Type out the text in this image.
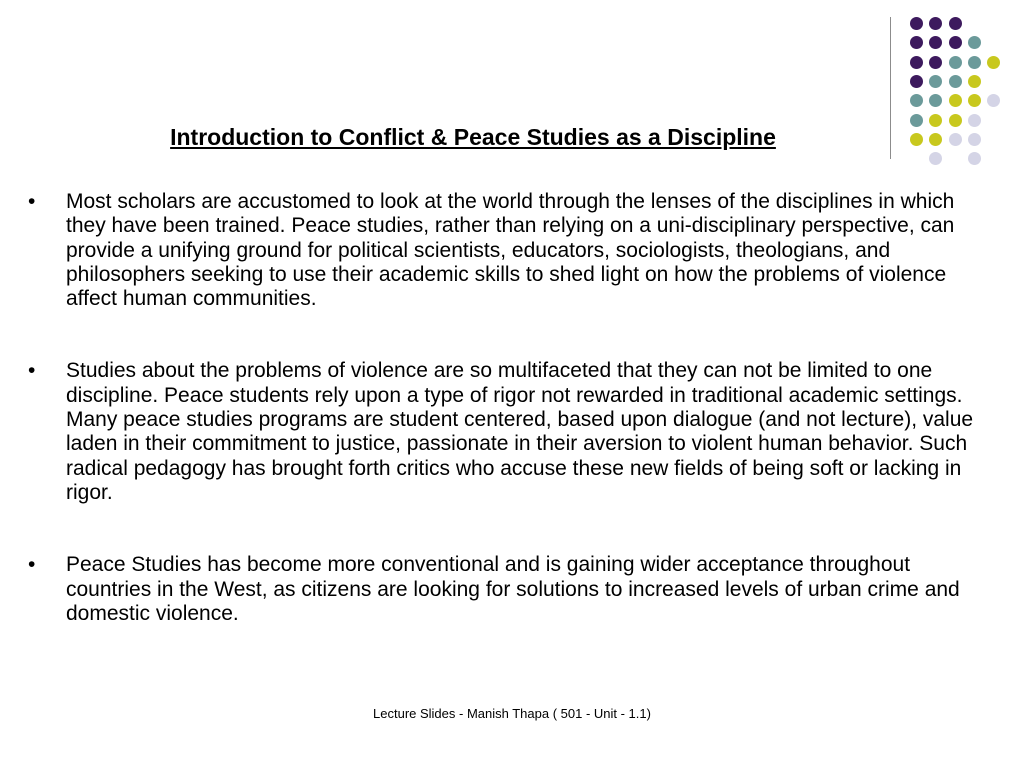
Introduction to Conflict & Peace Studies as a Discipline
•	Most scholars are accustomed to look at the world through the lenses of the disciplines in which they have been trained. Peace studies, rather than relying on a uni-disciplinary perspective, can provide a unifying ground for political scientists, educators, sociologists, theologians, and philosophers seeking to use their academic skills to shed light on how the problems of violence affect human communities.
•	Studies about the problems of violence are so multifaceted that they can not be limited to one discipline. Peace students rely upon a type of rigor not rewarded in traditional academic settings. Many peace studies programs are student centered, based upon dialogue (and not lecture), value laden in their commitment to justice, passionate in their aversion to violent human behavior. Such radical pedagogy has brought forth critics who accuse these new fields of being soft or lacking in rigor.
•	Peace Studies has become more conventional and is gaining wider acceptance throughout countries in the West, as citizens are looking for solutions to increased levels of urban crime and domestic violence.
Lecture Slides - Manish Thapa ( 501 - Unit - 1.1)
